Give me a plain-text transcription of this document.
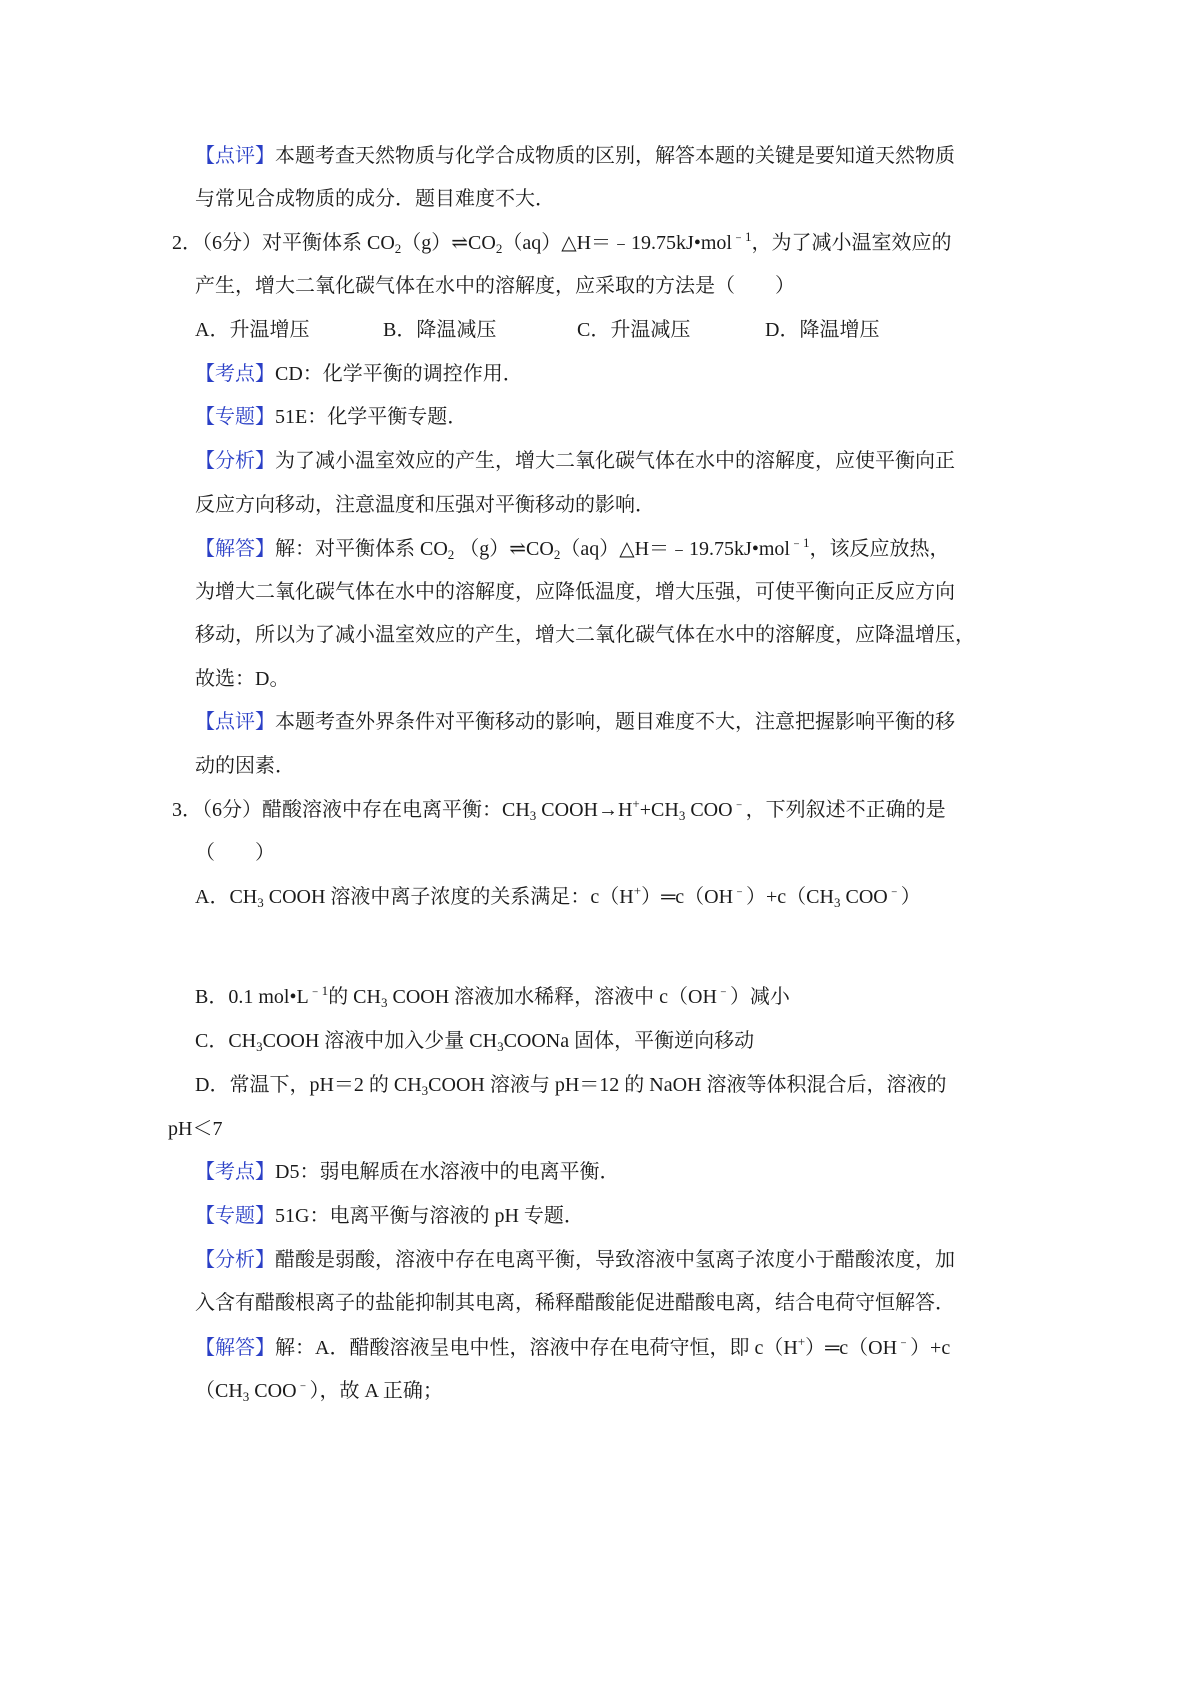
【点评】本题考查天然物质与化学合成物质的区别，解答本题的关键是要知道天然物质
与常见合成物质的成分．题目难度不大．
2．（6分）对平衡体系 $CO_2(g)\rightleftharpoons CO_2(aq)\triangle H=﹣19.75kJ•mol^{﹣1}$，为了减小温室效应的
产生，增大二氧化碳气体在水中的溶解度，应采取的方法是（　　）
A．升温增压	B．降温减压	C．升温减压	D．降温增压
【考点】CD：化学平衡的调控作用．
【专题】51E：化学平衡专题．
【分析】为了减小温室效应的产生，增大二氧化碳气体在水中的溶解度，应使平衡向正
反应方向移动，注意温度和压强对平衡移动的影响．
【解答】解：对平衡体系 $CO_2$ $(g)\rightleftharpoons CO_2(aq)\triangle H=﹣19.75kJ•mol^{﹣1}$，该反应放热，
为增大二氧化碳气体在水中的溶解度，应降低温度，增大压强，可使平衡向正反应方向
移动，所以为了减小温室效应的产生，增大二氧化碳气体在水中的溶解度，应降温增压，
故选：D。
【点评】本题考查外界条件对平衡移动的影响，题目难度不大，注意把握影响平衡的移
动的因素．
3．（6分）醋酸溶液中存在电离平衡：$CH_3$ $COOH\to H^++CH_3$ COO﹣，下列叙述不正确的是
（　　）
A．$CH_3$ COOH 溶液中离子浓度的关系满足：$c(H^+)═c(OH^﹣)+c(CH_3$ COO﹣）
B．0.1 $mol•L^{﹣1}$的 $CH_3$ COOH 溶液加水稀释，溶液中 c（OH﹣）减小
C．$CH_3COOH$ 溶液中加入少量 $CH_3COONa$ 固体，平衡逆向移动
D．常温下，pH＝2 的 $CH_3COOH$ 溶液与 pH＝12 的 NaOH 溶液等体积混合后，溶液的
pH＜7
【考点】D5：弱电解质在水溶液中的电离平衡．
【专题】51G：电离平衡与溶液的 pH 专题．
【分析】醋酸是弱酸，溶液中存在电离平衡，导致溶液中氢离子浓度小于醋酸浓度，加
入含有醋酸根离子的盐能抑制其电离，稀释醋酸能促进醋酸电离，结合电荷守恒解答．
【解答】解：A．醋酸溶液呈电中性，溶液中存在电荷守恒，即 c（H+）═c（OH﹣）+c
（$CH_3$ COO﹣），故 A 正确；
